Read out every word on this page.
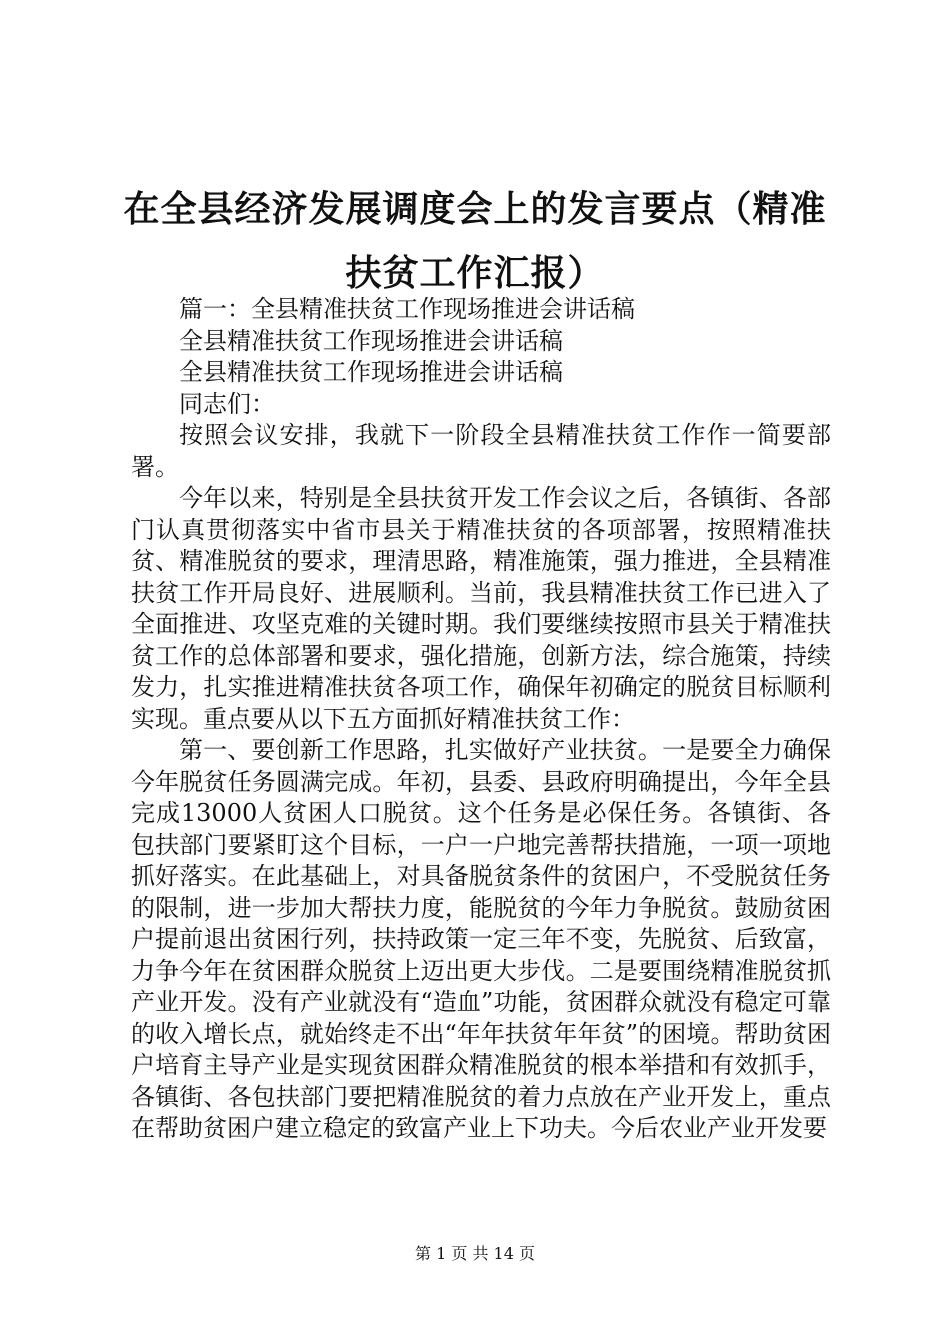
在全县经济发展调度会上的发言要点（精准扶贫工作汇报）

篇一：全县精准扶贫工作现场推进会讲话稿

全县精准扶贫工作现场推进会讲话稿

全县精准扶贫工作现场推进会讲话稿

同志们：

按照会议安排，我就下一阶段全县精准扶贫工作作一简要部署。

今年以来，特别是全县扶贫开发工作会议之后，各镇街、各部门认真贯彻落实中省市县关于精准扶贫的各项部署，按照精准扶贫、精准脱贫的要求，理清思路，精准施策，强力推进，全县精准扶贫工作开局良好、进展顺利。当前，我县精准扶贫工作已进入了全面推进、攻坚克难的关键时期。我们要继续按照市县关于精准扶贫工作的总体部署和要求，强化措施，创新方法，综合施策，持续发力，扎实推进精准扶贫各项工作，确保年初确定的脱贫目标顺利实现。重点要从以下五方面抓好精准扶贫工作：

第一、要创新工作思路，扎实做好产业扶贫。一是要全力确保今年脱贫任务圆满完成。年初，县委、县政府明确提出，今年全县完成13000人贫困人口脱贫。这个任务是必保任务。各镇街、各包扶部门要紧盯这个目标，一户一户地完善帮扶措施，一项一项地抓好落实。在此基础上，对具备脱贫条件的贫困户，不受脱贫任务的限制，进一步加大帮扶力度，能脱贫的今年力争脱贫。鼓励贫困户提前退出贫困行列，扶持政策一定三年不变，先脱贫、后致富，力争今年在贫困群众脱贫上迈出更大步伐。二是要围绕精准脱贫抓产业开发。没有产业就没有“造血”功能，贫困群众就没有稳定可靠的收入增长点，就始终走不出“年年扶贫年年贫”的困境。帮助贫困户培育主导产业是实现贫困群众精准脱贫的根本举措和有效抓手，各镇街、各包扶部门要把精准脱贫的着力点放在产业开发上，重点在帮助贫困户建立稳定的致富产业上下功夫。今后农业产业开发要

第 1 页 共 14 页
